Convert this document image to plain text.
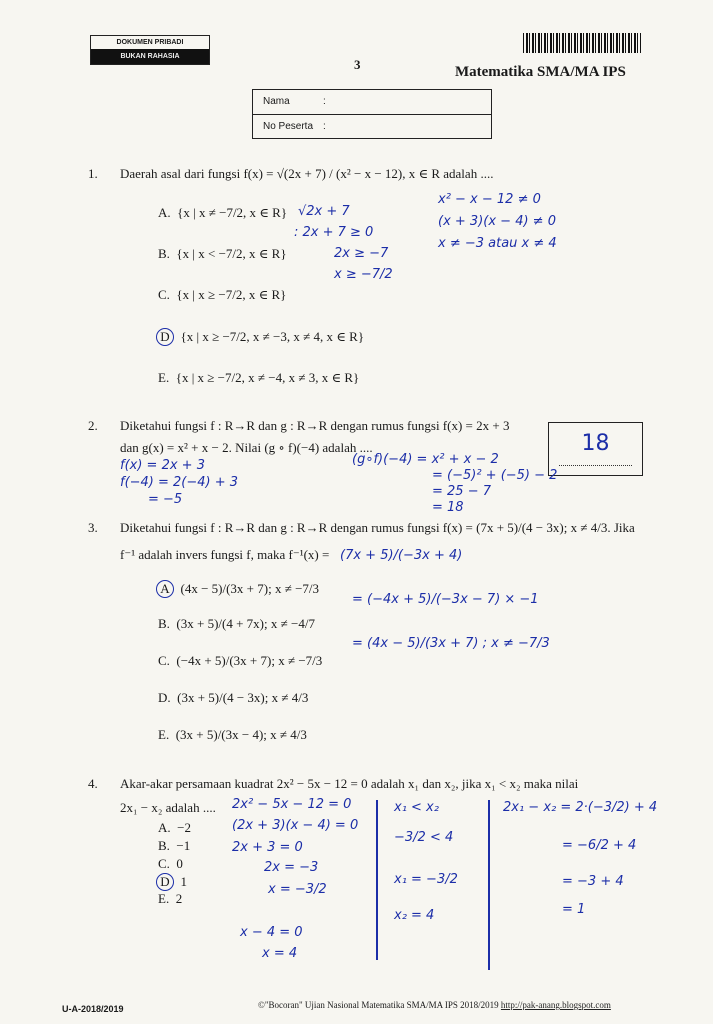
DOKUMEN PRIBADI
BUKAN RAHASIA
3	Matematika SMA/MA IPS
Nama	:
No Peserta :
1. Daerah asal dari fungsi f(x) = √(2x + 7) / (x² − x − 12), x ∈ R adalah ....
A. {x | x ≠ −7/2, x ∈ R}
B. {x | x < −7/2, x ∈ R}
C. {x | x ≥ −7/2, x ∈ R}
D {x | x ≥ −7/2, x ≠ −3, x ≠ 4, x ∈ R}
E. {x | x ≥ −7/2, x ≠ −4, x ≠ 3, x ∈ R}
√2x + 7
: 2x + 7 ≥ 0
2x ≥ −7
x ≥ −7/2
x² − x − 12 ≠ 0
(x + 3)(x − 4) ≠ 0
x ≠ −3 atau x ≠ 4
2. Diketahui fungsi f : R→R dan g : R→R dengan rumus fungsi f(x) = 2x + 3
dan g(x) = x² + x − 2. Nilai (g ∘ f)(−4) adalah ....	18
f(x) = 2x + 3
f(−4) = 2(−4) + 3
= −5
(g∘f)(−4) = x² + x − 2
= (−5)² + (−5) − 2
= 25 − 7
= 18
3. Diketahui fungsi f : R→R dan g : R→R dengan rumus fungsi f(x) = (7x + 5)/(4 − 3x); x ≠ 4/3. Jika
f⁻¹ adalah invers fungsi f, maka f⁻¹(x) =
A (4x − 5)/(3x + 7); x ≠ −7/3
B. (3x + 5)/(4 + 7x); x ≠ −4/7
C. (−4x + 5)/(3x + 7); x ≠ −7/3
D. (3x + 5)/(4 − 3x); x ≠ 4/3
E. (3x + 5)/(3x − 4); x ≠ 4/3
(7x + 5)/(−3x + 4)
= (−4x + 5)/(−3x − 7) × −1
= (4x − 5)/(3x + 7) ; x ≠ −7/3
4. Akar-akar persamaan kuadrat 2x² − 5x − 12 = 0 adalah x₁ dan x₂, jika x₁ < x₂ maka nilai
2x₁ − x₂ adalah ....
A. −2
B. −1
C. 0
D 1
E. 2
2x² − 5x − 12 = 0
(2x + 3)(x − 4) = 0
2x + 3 = 0
2x = −3
x = −3/2
x − 4 = 0
x = 4
x₁ < x₂
−3/2 < 4
x₁ = −3/2
x₂ = 4
2x₁ − x₂ = 2·(−3/2) + 4
= −6/2 + 4
= −3 + 4
= 1
U-A-2018/2019	©"Bocoran" Ujian Nasional Matematika SMA/MA IPS 2018/2019 http://pak-anang.blogspot.com
